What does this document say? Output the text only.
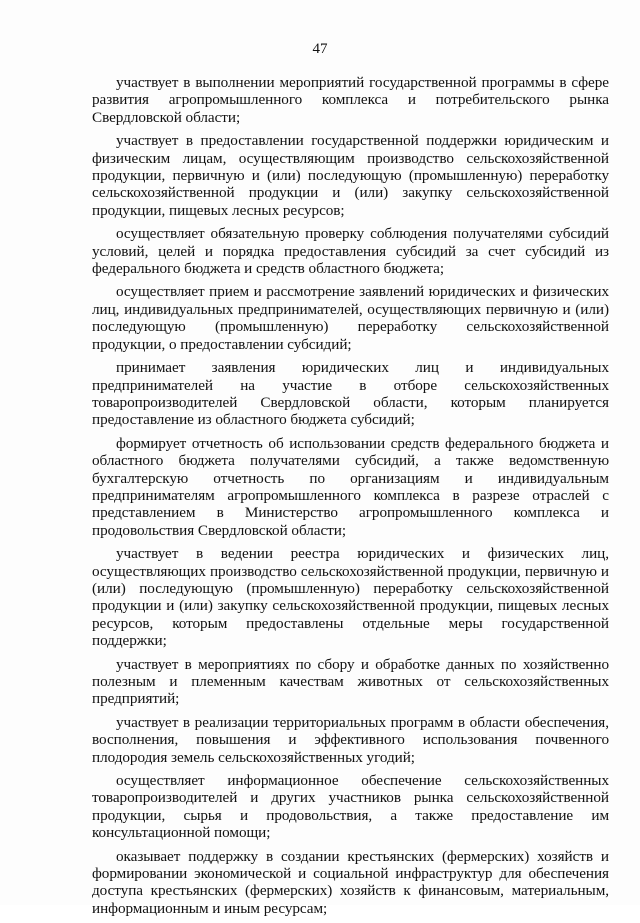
47

участвует в выполнении мероприятий государственной программы в сфере развития агропромышленного комплекса и потребительского рынка Свердловской области;

участвует в предоставлении государственной поддержки юридическим и физическим лицам, осуществляющим производство сельскохозяйственной продукции, первичную и (или) последующую (промышленную) переработку сельскохозяйственной продукции и (или) закупку сельскохозяйственной продукции, пищевых лесных ресурсов;

осуществляет обязательную проверку соблюдения получателями субсидий условий, целей и порядка предоставления субсидий за счет субсидий из федерального бюджета и средств областного бюджета;

осуществляет прием и рассмотрение заявлений юридических и физических лиц, индивидуальных предпринимателей, осуществляющих первичную и (или) последующую (промышленную) переработку сельскохозяйственной продукции, о предоставлении субсидий;

принимает заявления юридических лиц и индивидуальных предпринимателей на участие в отборе сельскохозяйственных товаропроизводителей Свердловской области, которым планируется предоставление из областного бюджета субсидий;

формирует отчетность об использовании средств федерального бюджета и областного бюджета получателями субсидий, а также ведомственную бухгалтерскую отчетность по организациям и индивидуальным предпринимателям агропромышленного комплекса в разрезе отраслей с представлением в Министерство агропромышленного комплекса и продовольствия Свердловской области;

участвует в ведении реестра юридических и физических лиц, осуществляющих производство сельскохозяйственной продукции, первичную и (или) последующую (промышленную) переработку сельскохозяйственной продукции и (или) закупку сельскохозяйственной продукции, пищевых лесных ресурсов, которым предоставлены отдельные меры государственной поддержки;

участвует в мероприятиях по сбору и обработке данных по хозяйственно полезным и племенным качествам животных от сельскохозяйственных предприятий;

участвует в реализации территориальных программ в области обеспечения, восполнения, повышения и эффективного использования почвенного плодородия земель сельскохозяйственных угодий;

осуществляет информационное обеспечение сельскохозяйственных товаропроизводителей и других участников рынка сельскохозяйственной продукции, сырья и продовольствия, а также предоставление им консультационной помощи;

оказывает поддержку в создании крестьянских (фермерских) хозяйств и формировании экономической и социальной инфраструктур для обеспечения доступа крестьянских (фермерских) хозяйств к финансовым, материальным, информационным и иным ресурсам;
